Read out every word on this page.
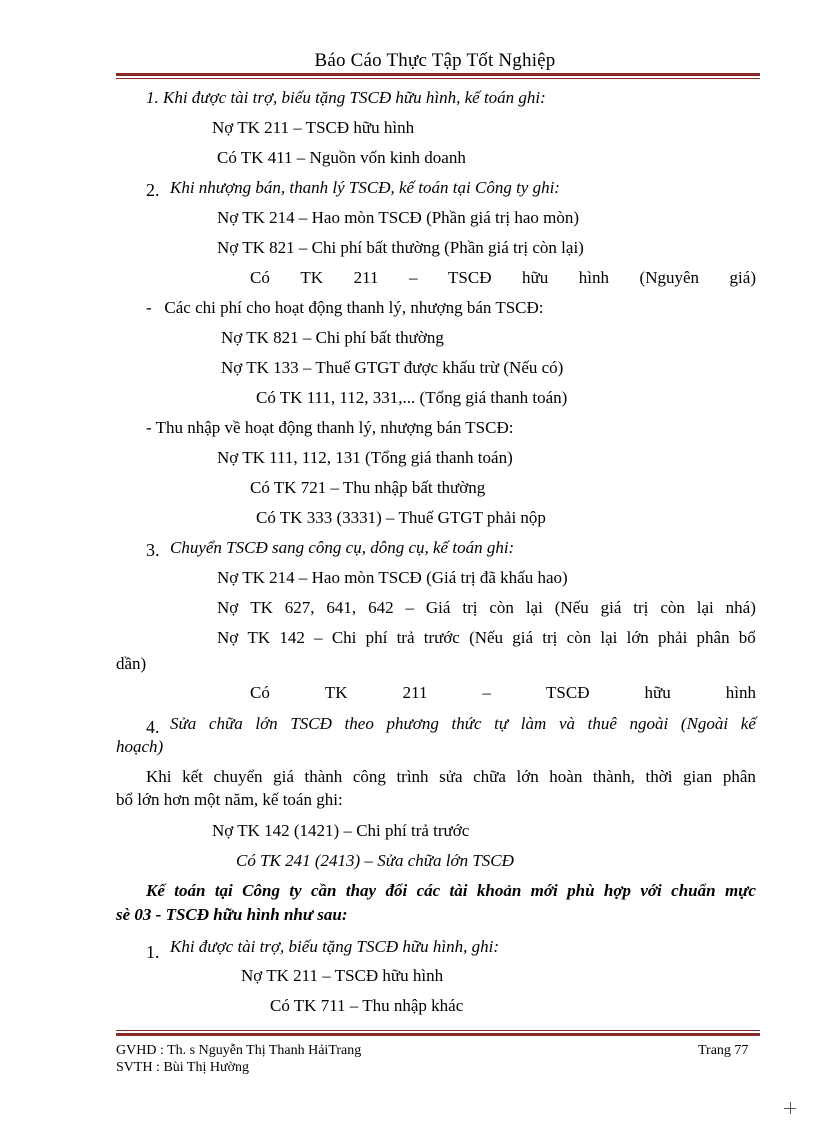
Báo Cáo Thực Tập Tốt Nghiệp
1. Khi được tài trợ, biếu tặng TSCĐ hữu hình, kế toán ghi:
Nợ TK 211 – TSCĐ hữu hình
Có TK 411 – Nguồn vốn kinh doanh
2. Khi nhượng bán, thanh lý TSCĐ, kế toán tại Công ty ghi:
Nợ TK 214 – Hao mòn TSCĐ (Phần giá trị hao mòn)
Nợ TK 821 – Chi phí bất thường (Phần giá trị còn lại)
Có TK 211 – TSCĐ hữu hình (Nguyên giá)
-   Các chi phí cho hoạt động thanh lý, nhượng bán TSCĐ:
Nợ TK 821 – Chi phí bất thường
Nợ TK 133 – Thuế GTGT được khấu trừ (Nếu có)
Có TK 111, 112, 331,... (Tổng giá thanh toán)
- Thu nhập về hoạt động thanh lý, nhượng bán TSCĐ:
Nợ TK 111, 112, 131 (Tổng giá thanh toán)
Có TK 721 – Thu nhập bất thường
Có TK 333 (3331) – Thuế GTGT phải nộp
3. Chuyển TSCĐ sang công cụ, dông cụ, kế toán ghi:
Nợ TK 214 – Hao mòn TSCĐ (Giá trị đã khấu hao)
Nợ TK 627, 641, 642 – Giá trị còn lại (Nếu giá trị còn lại nhá)
Nợ TK 142 – Chi phí trả trước (Nếu giá trị còn lại lớn phải phân bổ
dần)
Có	TK	211	–	TSCĐ	hữu	hình
4. Sửa chữa lớn TSCĐ theo phương thức tự làm và thuê ngoài (Ngoài kế
hoạch)
Khi kết chuyển giá thành công trình sửa chữa lớn hoàn thành, thời gian phân
bổ lớn hơn một năm, kế toán ghi:
Nợ TK 142 (1421) – Chi phí trả trước
Có TK 241 (2413) – Sửa chữa lớn TSCĐ
Kế toán tại Công ty cần thay đổi các tài khoản mới phù hợp với chuẩn mực
sè 03 - TSCĐ hữu hình như sau:
1. Khi được tài trợ, biếu tặng TSCĐ hữu hình, ghi:
Nợ TK 211 – TSCĐ hữu hình
Có TK 711 – Thu nhập khác
GVHD : Th. s Nguyễn Thị Thanh HảiTrang	Trang 77
SVTH : Bùi Thị Hường
